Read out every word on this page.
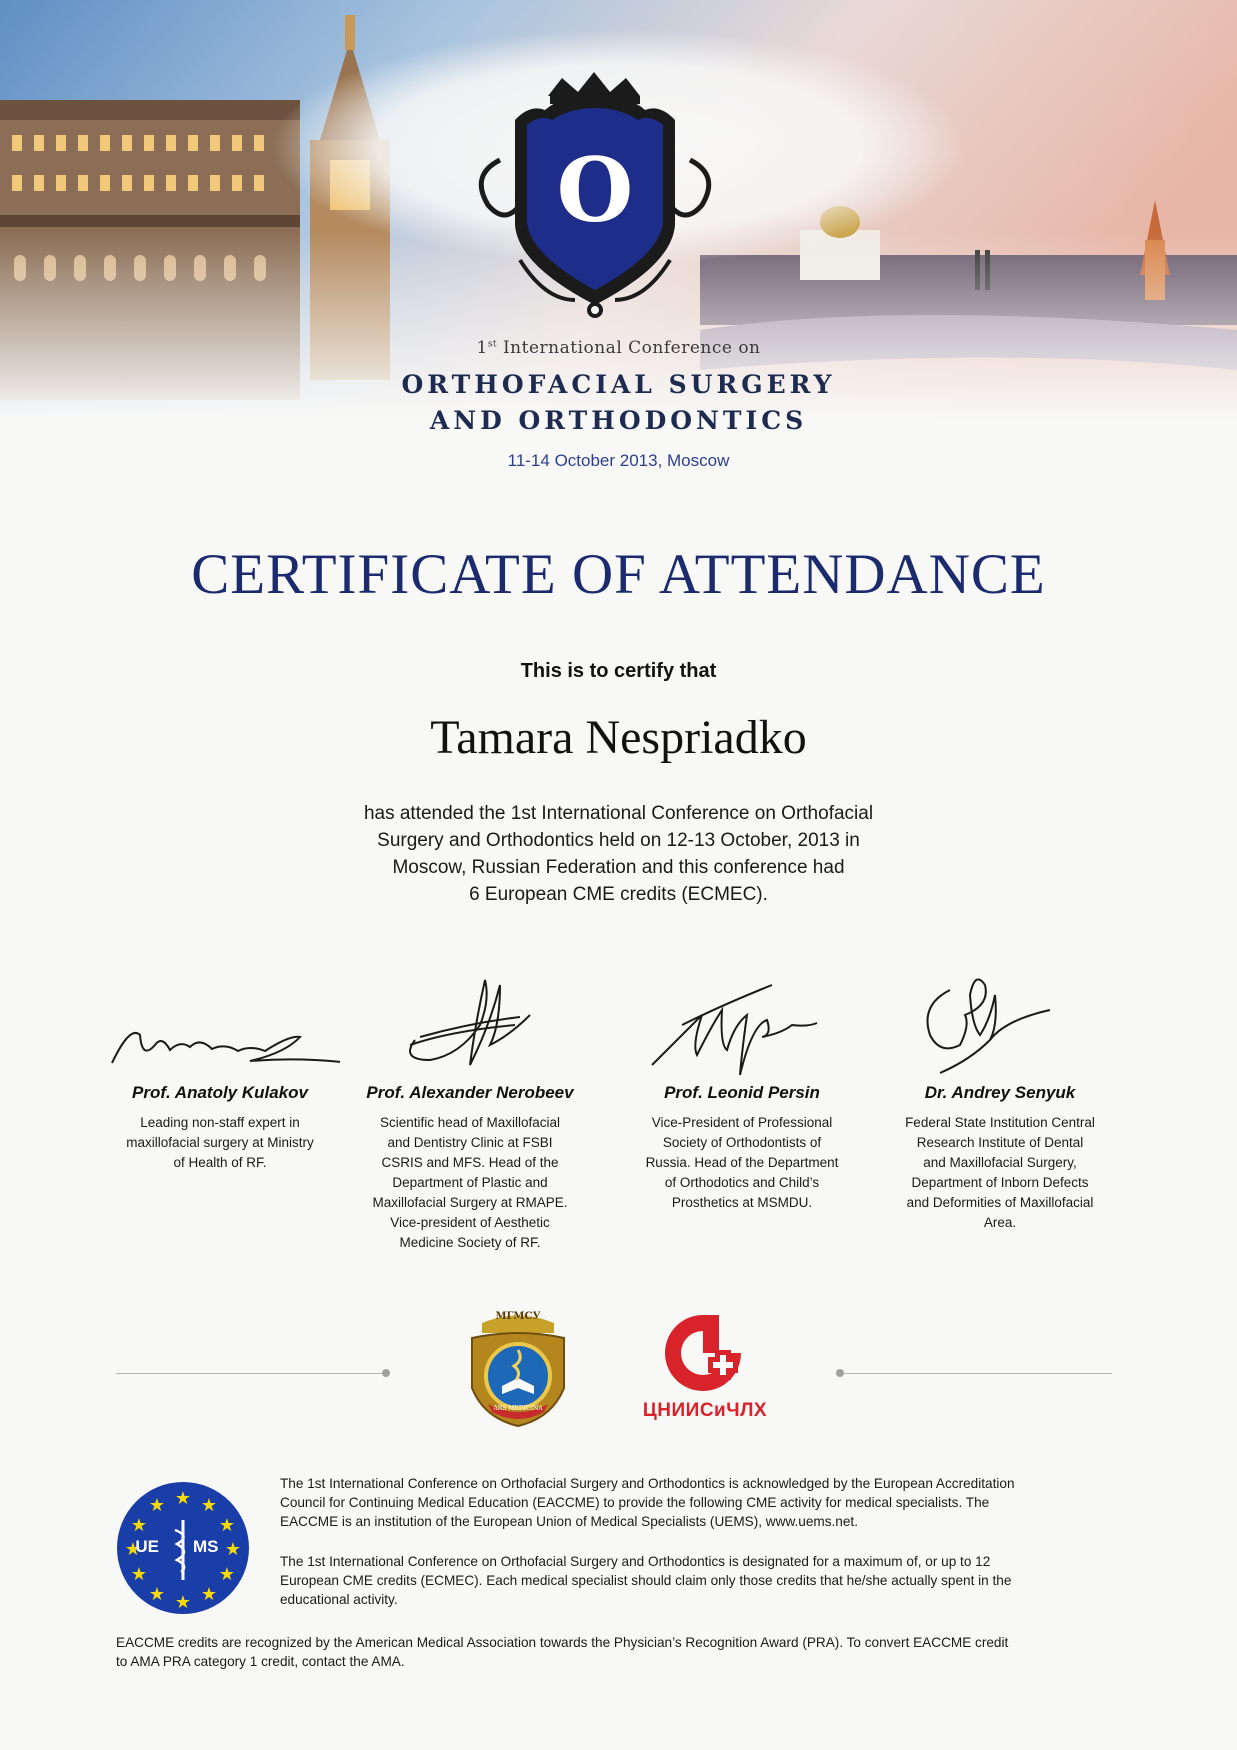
O
1st International Conference on
ORTHOFACIAL SURGERY
AND ORTHODONTICS
11-14 October 2013, Moscow
CERTIFICATE OF ATTENDANCE
This is to certify that
Tamara Nespriadko
has attended the 1st International Conference on Orthofacial
Surgery and Orthodontics held on 12-13 October, 2013 in
Moscow, Russian Federation and this conference had
6 European CME credits (ECMEC).
Prof. Anatoly Kulakov
Leading non-staff expert in
maxillofacial surgery at Ministry
of Health of RF.
Prof. Alexander Nerobeev
Scientific head of Maxillofacial
and Dentistry Clinic at FSBI
CSRIS and MFS. Head of the
Department of Plastic and
Maxillofacial Surgery at RMAPE.
Vice-president of Aesthetic
Medicine Society of RF.
Prof. Leonid Persin
Vice-President of Professional
Society of Orthodontists of
Russia. Head of the Department
of Orthodotics and Child’s
Prosthetics at MSMDU.
Dr. Andrey Senyuk
Federal State Institution Central
Research Institute of Dental
and Maxillofacial Surgery,
Department of Inborn Defects
and Deformities of Maxillofacial
Area.
МГМСУ
ARS MEDICINA	ЦНИИСиЧЛХ
★ ★
★
★
★
★
★
★
★
★
★
★
UE MS
The 1st International Conference on Orthofacial Surgery and Orthodontics is acknowledged by the European Accreditation
Council for Continuing Medical Education (EACCME) to provide the following CME activity for medical specialists. The
EACCME is an institution of the European Union of Medical Specialists (UEMS), www.uems.net.
The 1st International Conference on Orthofacial Surgery and Orthodontics is designated for a maximum of, or up to 12
European CME credits (ECMEC). Each medical specialist should claim only those credits that he/she actually spent in the
educational activity.
EACCME credits are recognized by the American Medical Association towards the Physician’s Recognition Award (PRA). To convert EACCME credit
to AMA PRA category 1 credit, contact the AMA.
